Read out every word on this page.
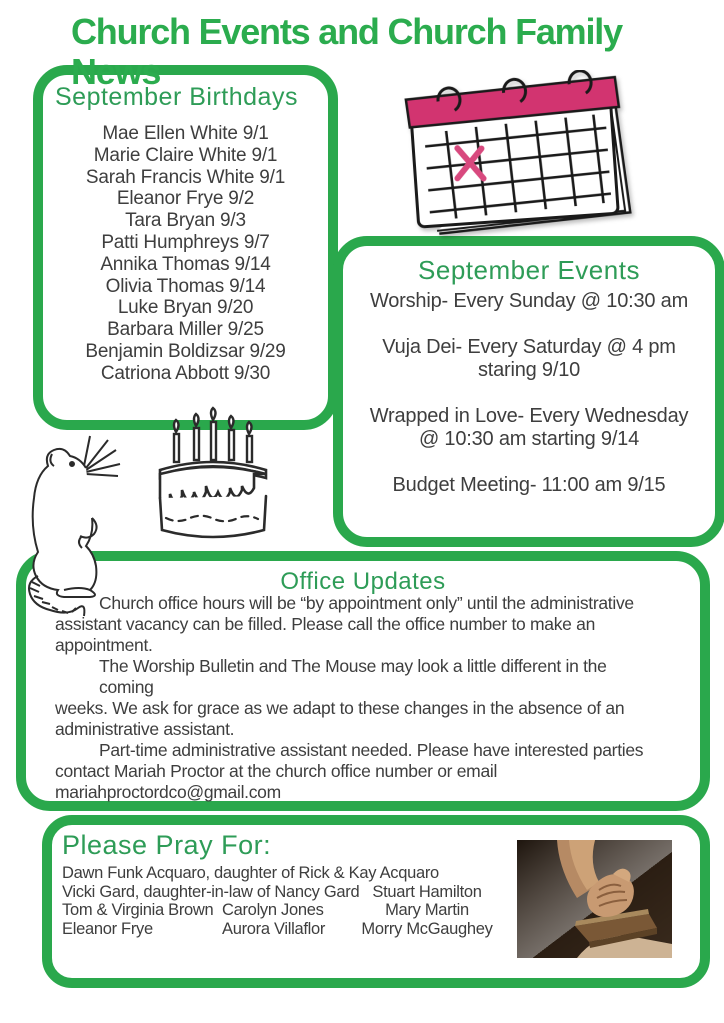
Church Events and Church Family
News
September Birthdays
Mae Ellen White 9/1
Marie Claire White 9/1
Sarah Francis White 9/1
Eleanor Frye 9/2
Tara Bryan 9/3
Patti Humphreys 9/7
Annika Thomas 9/14
Olivia Thomas 9/14
Luke Bryan 9/20
Barbara Miller 9/25
Benjamin Boldizsar 9/29
Catriona Abbott 9/30
September Events
Worship- Every Sunday @ 10:30 am
Vuja Dei- Every Saturday @ 4 pm
staring 9/10
Wrapped in Love- Every Wednesday
@ 10:30 am starting 9/14
Budget Meeting- 11:00 am 9/15
Office Updates
Church office hours will be “by appointment only” until the administrative
assistant vacancy can be filled. Please call the office number to make an
appointment.
The Worship Bulletin and The Mouse may look a little different in the coming
weeks. We ask for grace as we adapt to these changes in the absence of an
administrative assistant.
Part-time administrative assistant needed. Please have interested parties
contact Mariah Proctor at the church office number or email
mariahproctordco@gmail.com
Please Pray For:
Dawn Funk Acquaro, daughter of Rick & Kay Acquaro
Vicki Gard, daughter-in-law of Nancy Gard
Tom & Virginia Brown
Eleanor Frye
Carolyn Jones
Aurora Villaflor
Stuart Hamilton
Mary Martin
Morry McGaughey
